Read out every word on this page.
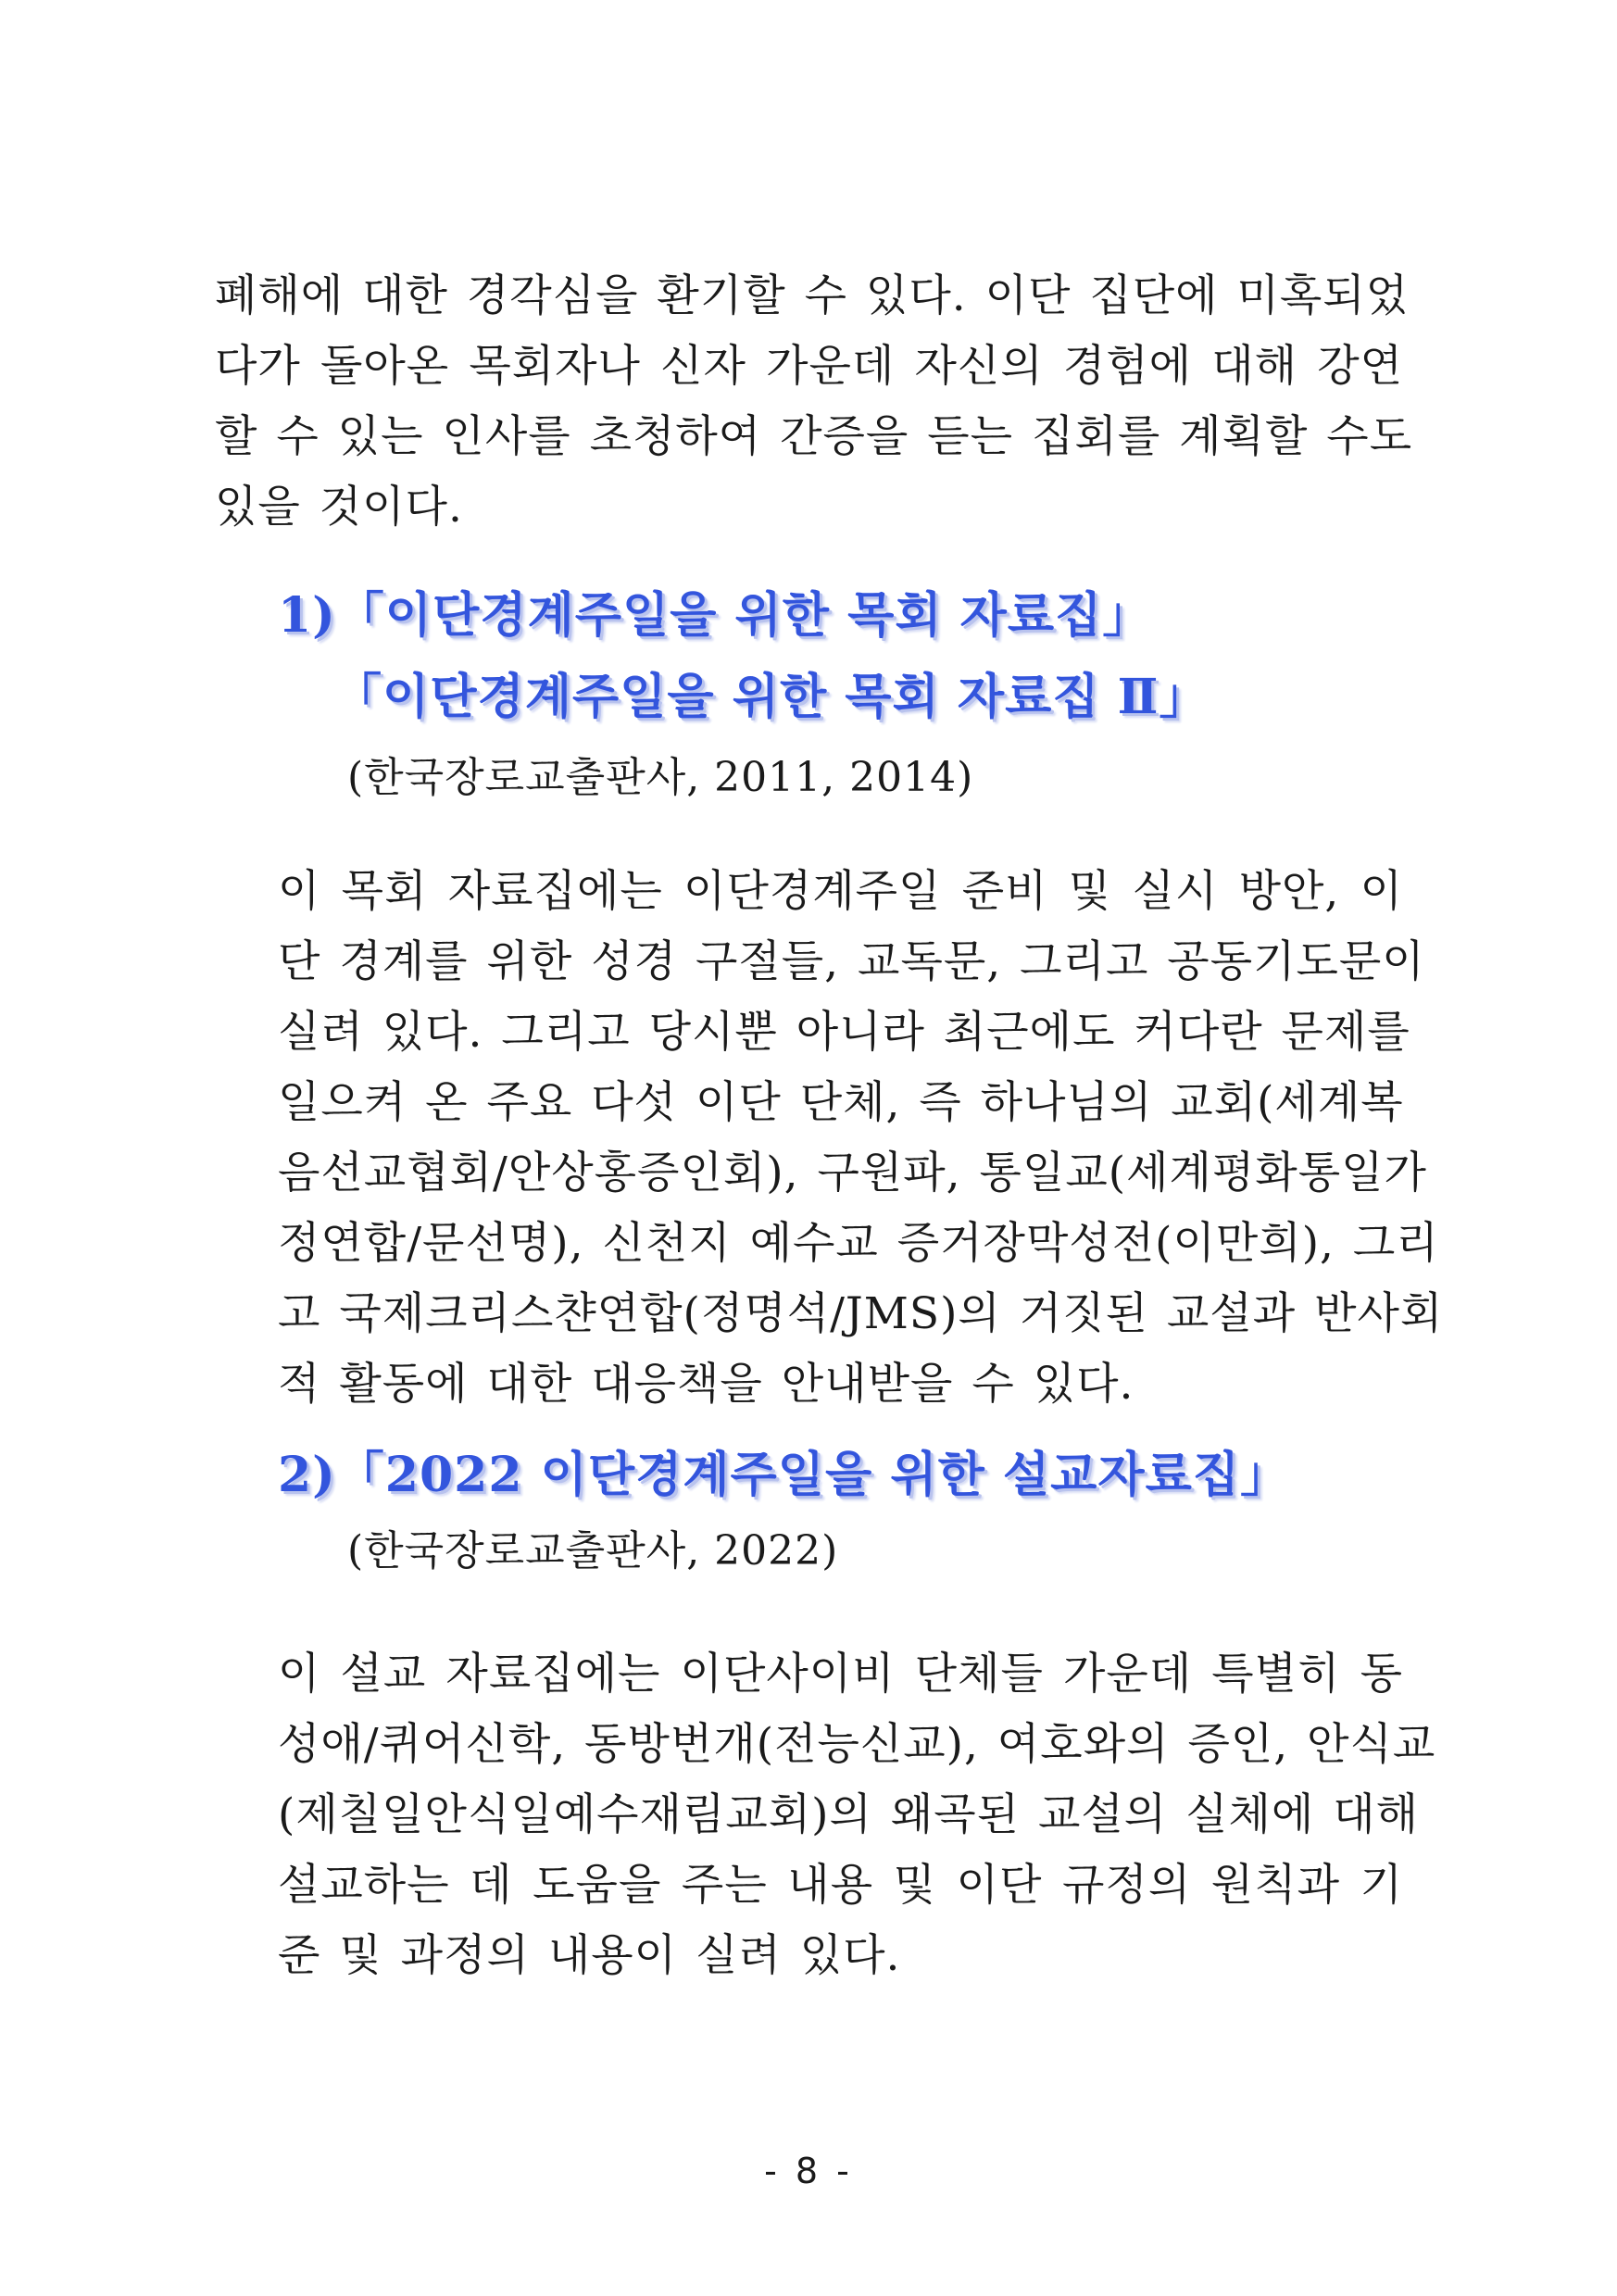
폐해에 대한 경각심을 환기할 수 있다. 이단 집단에 미혹되었
다가 돌아온 목회자나 신자 가운데 자신의 경험에 대해 강연
할 수 있는 인사를 초청하여 간증을 듣는 집회를 계획할 수도
있을 것이다.
1)「이단경계주일을 위한 목회 자료집」
「이단경계주일을 위한 목회 자료집 Ⅱ」
(한국장로교출판사, 2011, 2014)
이 목회 자료집에는 이단경계주일 준비 및 실시 방안, 이
단 경계를 위한 성경 구절들, 교독문, 그리고 공동기도문이
실려 있다. 그리고 당시뿐 아니라 최근에도 커다란 문제를
일으켜 온 주요 다섯 이단 단체, 즉 하나님의 교회(세계복
음선교협회/안상홍증인회), 구원파, 통일교(세계평화통일가
정연합/문선명), 신천지 예수교 증거장막성전(이만희), 그리
고 국제크리스챤연합(정명석/JMS)의 거짓된 교설과 반사회
적 활동에 대한 대응책을 안내받을 수 있다.
2)「2022 이단경계주일을 위한 설교자료집」
(한국장로교출판사, 2022)
이 설교 자료집에는 이단사이비 단체들 가운데 특별히 동
성애/퀴어신학, 동방번개(전능신교), 여호와의 증인, 안식교
(제칠일안식일예수재림교회)의 왜곡된 교설의 실체에 대해
설교하는 데 도움을 주는 내용 및 이단 규정의 원칙과 기
준 및 과정의 내용이 실려 있다.
- 8 -
